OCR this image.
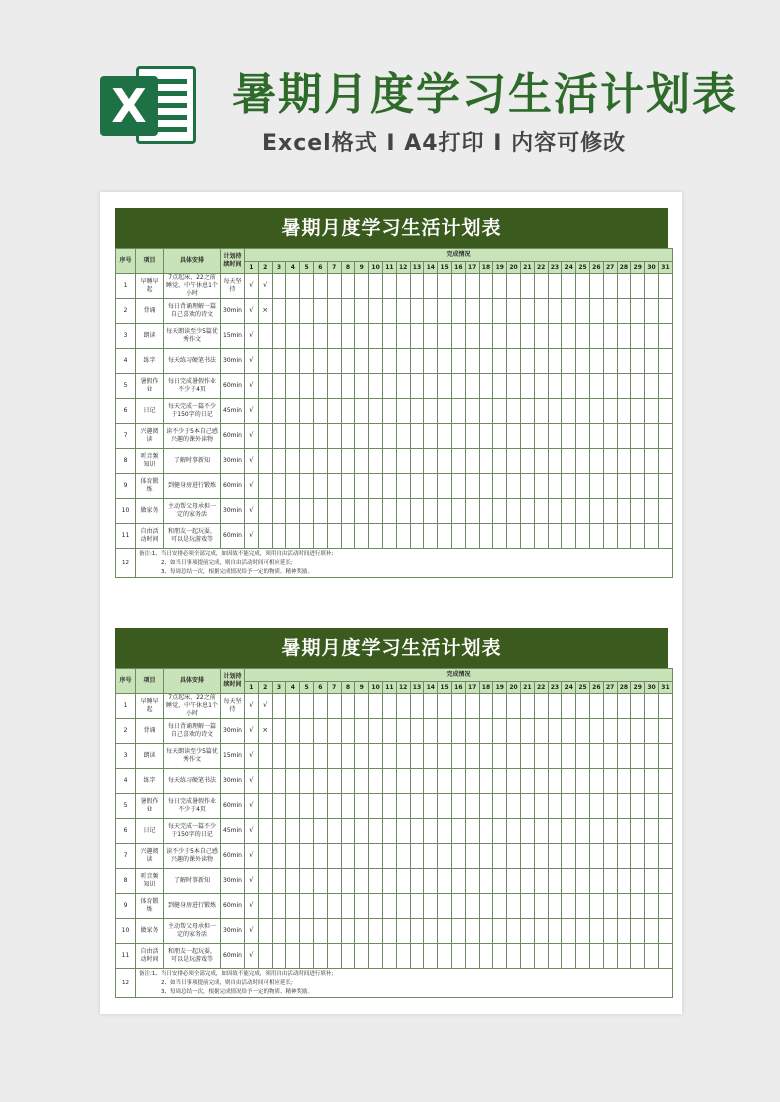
X 暑期月度学习生活计划表
Excel格式 I A4打印 I 内容可修改
暑期月度学习生活计划表
序号	项目	具体安排	计划持续时间	完成情况																														
				1	2	3	4	5	6	7	8	9	10	11	12	13	14	15	16	17	18	19	20	21	22	23	24	25	26	27	28	29	30	31
1	早睡早起	7点起床，22之前睡觉，中午休息1个小时	每天坚持	√	√																													
2	背诵	每日背诵理解一篇自己喜欢的诗文	30min	√	×																													
3	朗读	每天朗读至少5篇优秀作文	15min	√																														
4	练字	每天练习硬笔书法	30min	√																														
5	暑假作业	每日完成暑假作业不少于4页	60min	√																														
6	日记	每天完成一篇不少于150字的日记	45min	√																														
7	兴趣阅读	读不少于5本自己感兴趣的课外读物	60min	√																														
8	听音频知识	了解时事新知	30min	√																														
9	体育锻炼	到健身房进行锻炼	60min	√																														
10	做家务	主动帮父母承担一定的家务活	30min	√																														
11	自由活动时间	和朋友一起玩耍，可以是玩游戏等	60min	√																														
12	备注:1、当日安排必须全部完成，如因故不能完成，须用自由活动时间进行填补;
2、如当日事项提前完成，则自由活动时间可相应延长;
3、每周总结一次，根据完成情况给予一定的物质、精神奖励。																																	
暑期月度学习生活计划表
序号	项目	具体安排	计划持续时间	完成情况																														
				1	2	3	4	5	6	7	8	9	10	11	12	13	14	15	16	17	18	19	20	21	22	23	24	25	26	27	28	29	30	31
1	早睡早起	7点起床，22之前睡觉，中午休息1个小时	每天坚持	√	√																													
2	背诵	每日背诵理解一篇自己喜欢的诗文	30min	√	×																													
3	朗读	每天朗读至少5篇优秀作文	15min	√																														
4	练字	每天练习硬笔书法	30min	√																														
5	暑假作业	每日完成暑假作业不少于4页	60min	√																														
6	日记	每天完成一篇不少于150字的日记	45min	√																														
7	兴趣阅读	读不少于5本自己感兴趣的课外读物	60min	√																														
8	听音频知识	了解时事新知	30min	√																														
9	体育锻炼	到健身房进行锻炼	60min	√																														
10	做家务	主动帮父母承担一定的家务活	30min	√																														
11	自由活动时间	和朋友一起玩耍，可以是玩游戏等	60min	√																														
12	备注:1、当日安排必须全部完成，如因故不能完成，须用自由活动时间进行填补;
2、如当日事项提前完成，则自由活动时间可相应延长;
3、每周总结一次，根据完成情况给予一定的物质、精神奖励。																																	
